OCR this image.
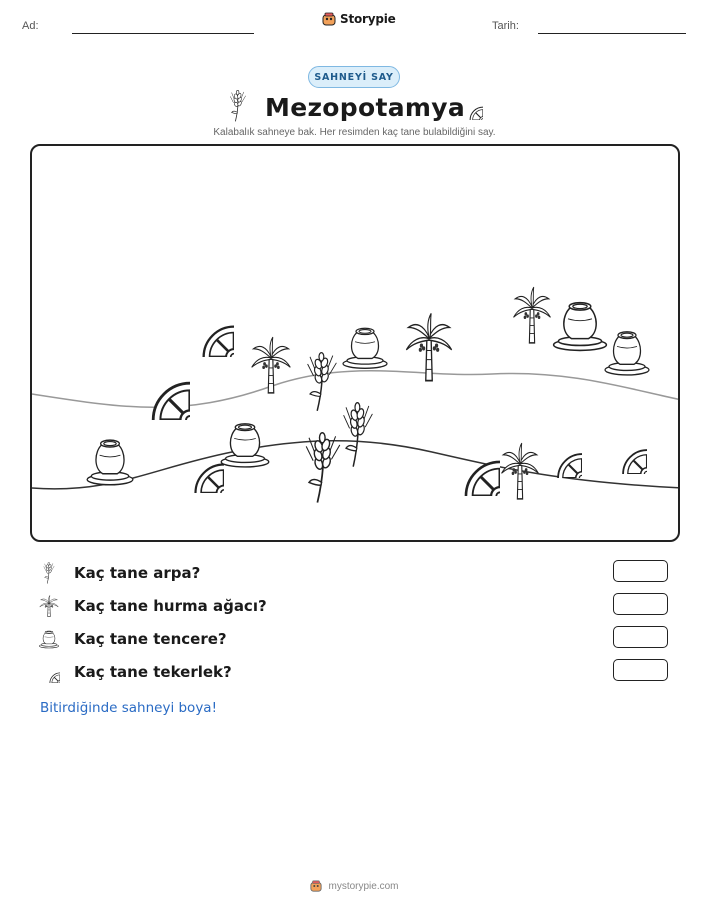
Ad:	Storypie	Tarih:
SAHNEYİ SAY
Mezopotamya
Kalabalık sahneye bak. Her resimden kaç tane bulabildiğini say.
Kaç tane arpa?
Kaç tane hurma ağacı?
Kaç tane tencere?
Kaç tane tekerlek?
Bitirdiğinde sahneyi boya!
mystorypie.com
